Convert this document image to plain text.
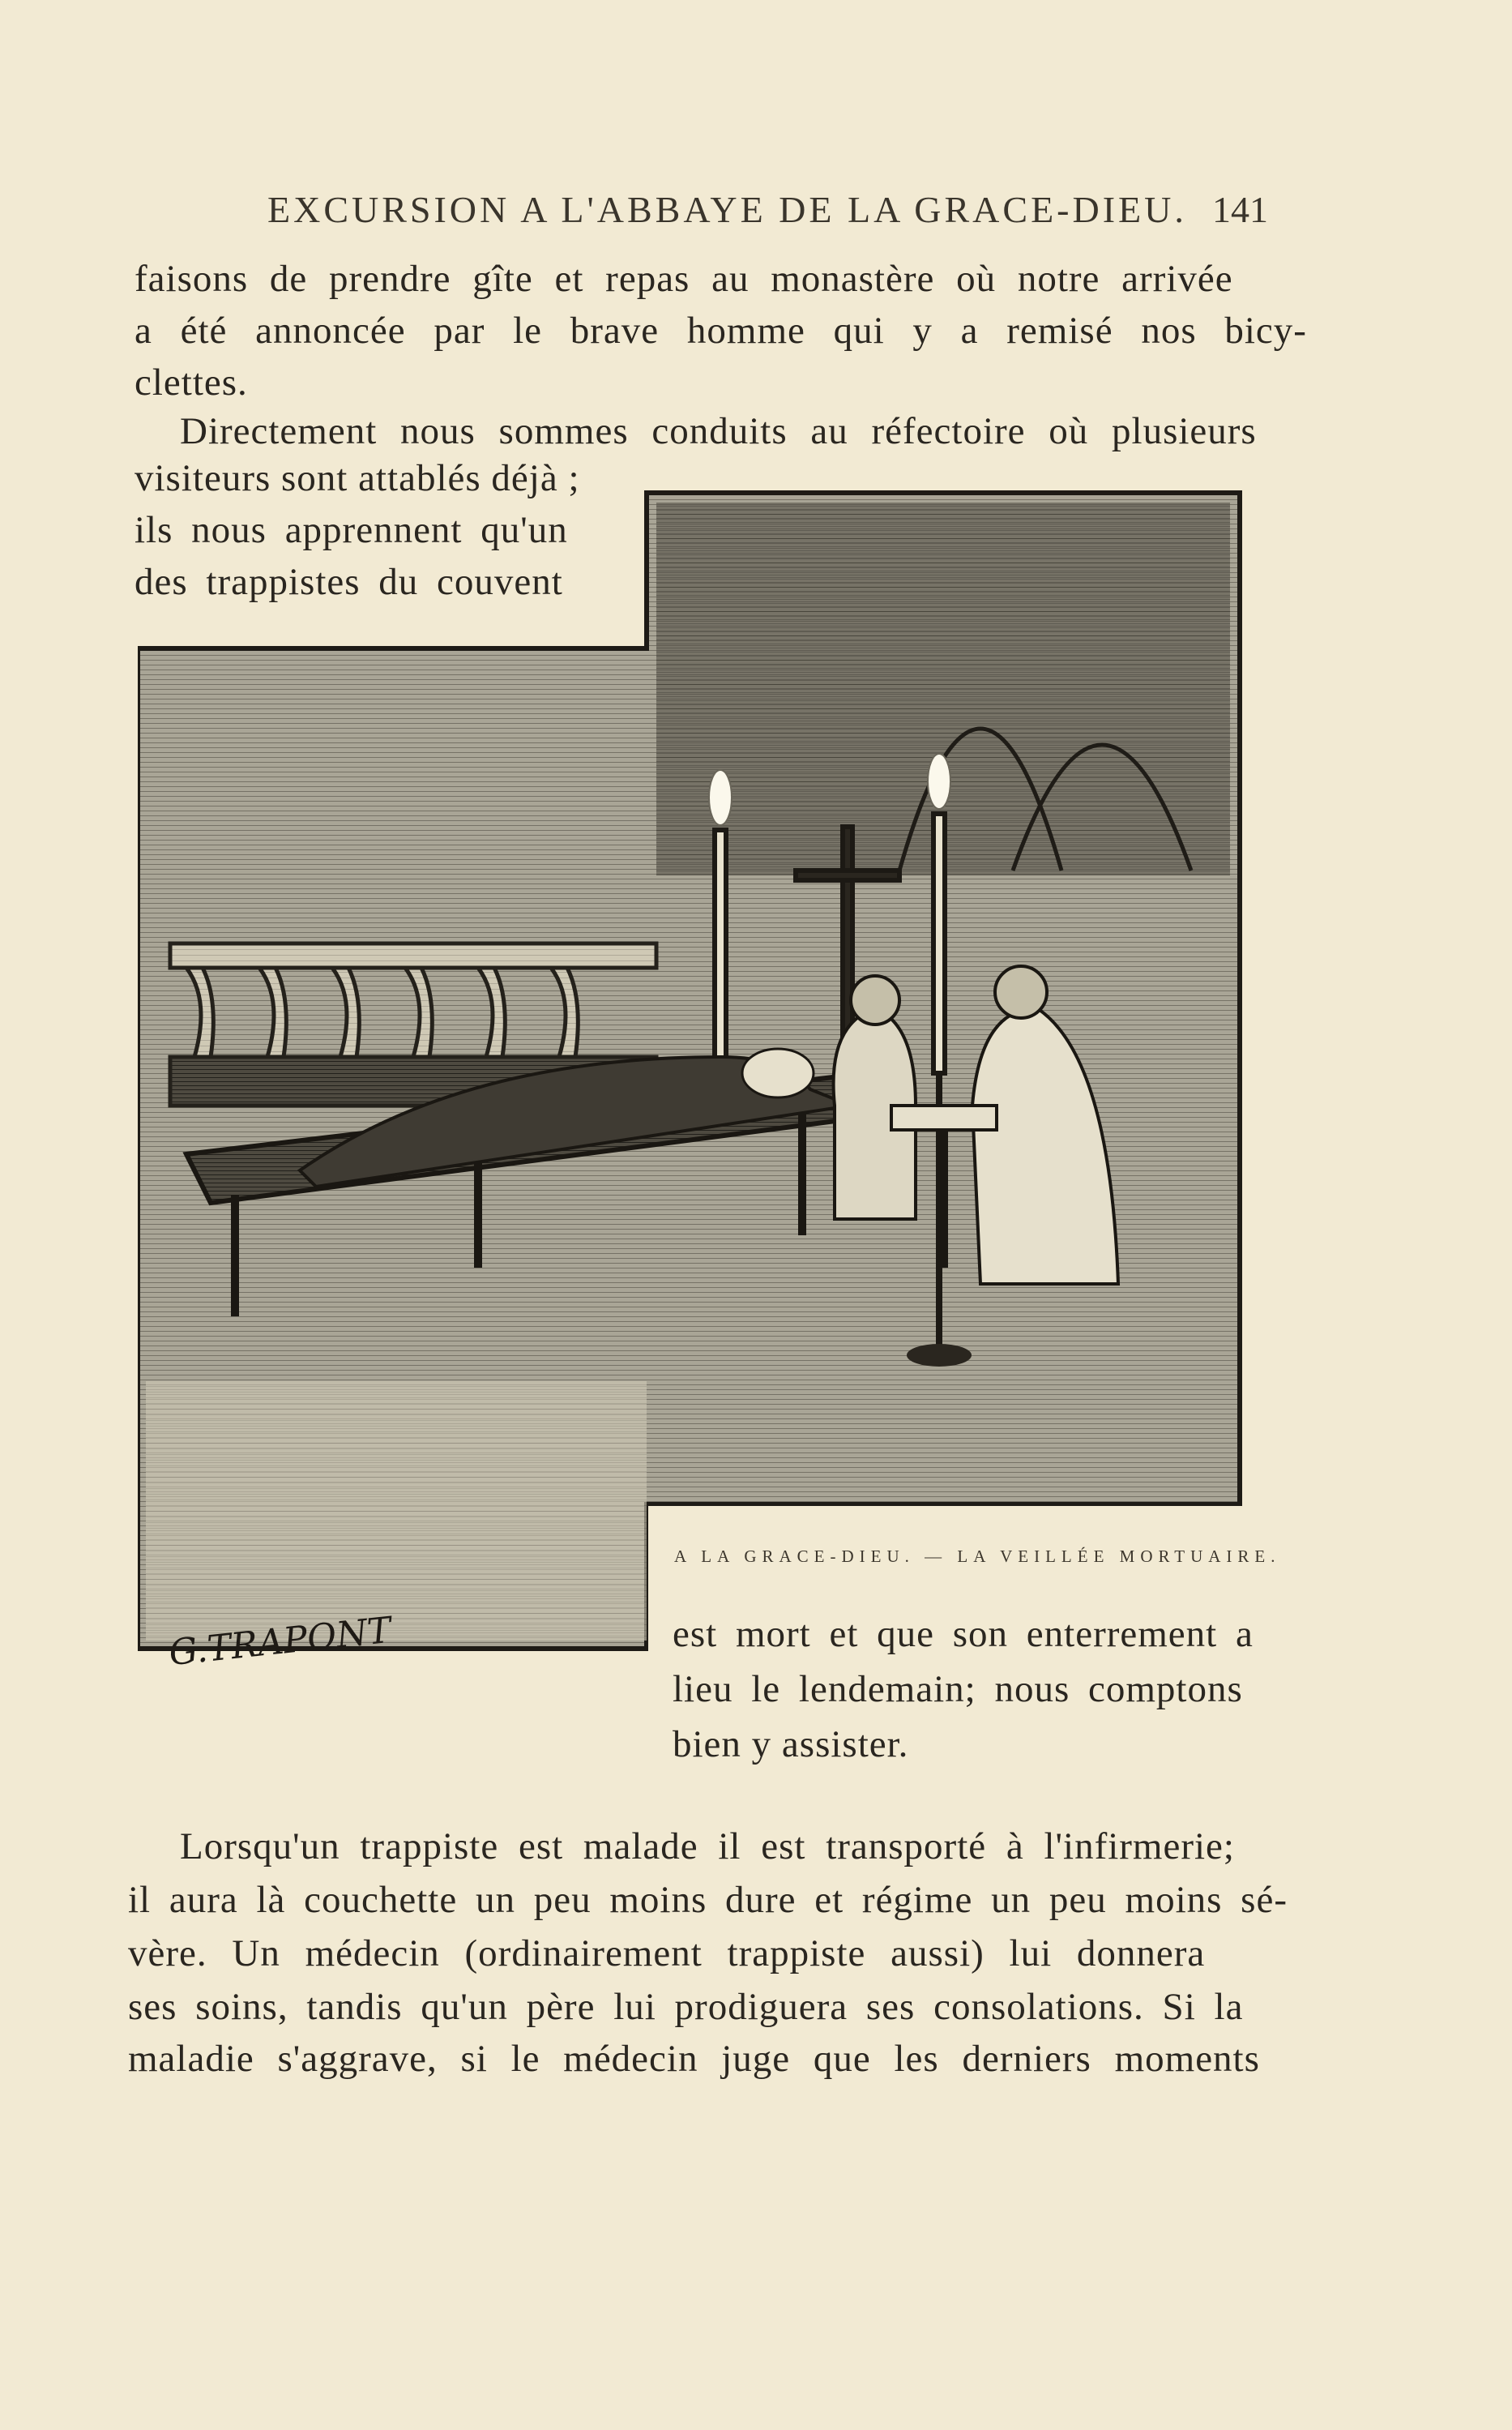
EXCURSION A L'ABBAYE DE LA GRACE-DIEU. 141
faisons de prendre gîte et repas au monastère où notre arrivée
a été annoncée par le brave homme qui y a remisé nos bicy-
clettes.
Directement nous sommes conduits au réfectoire où plusieurs
visiteurs sont attablés déjà ;
ils nous apprennent qu'un
des trappistes du couvent
A LA GRACE-DIEU. — LA VEILLÉE MORTUAIRE.
G.TRAPONT	est mort et que son enterrement a
lieu le lendemain; nous comptons
bien y assister.
Lorsqu'un trappiste est malade il est transporté à l'infirmerie;
il aura là couchette un peu moins dure et régime un peu moins sé-
vère. Un médecin (ordinairement trappiste aussi) lui donnera
ses soins, tandis qu'un père lui prodiguera ses consolations. Si la
maladie s'aggrave, si le médecin juge que les derniers moments
